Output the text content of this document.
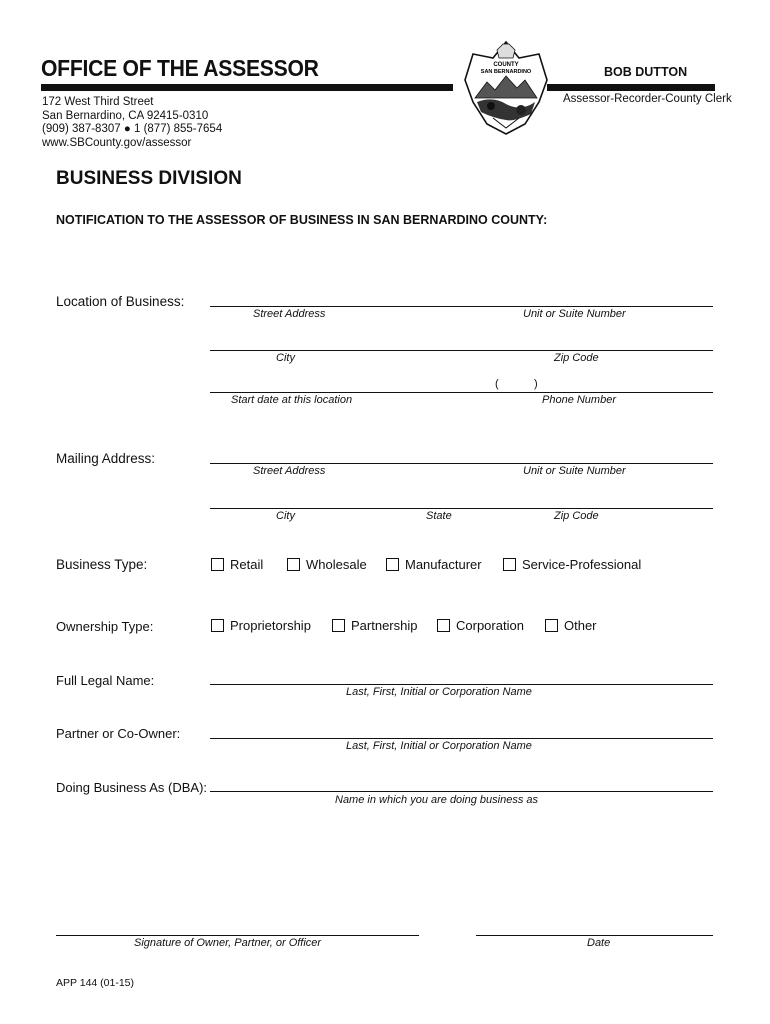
OFFICE OF THE ASSESSOR
172 West Third Street
San Bernardino, CA 92415-0310
(909) 387-8307 ● 1 (877) 855-7654
www.SBCounty.gov/assessor
BOB DUTTON
Assessor-Recorder-County Clerk
COUNTY
SAN BERNARDINO
BUSINESS DIVISION
NOTIFICATION TO THE ASSESSOR OF BUSINESS IN SAN BERNARDINO COUNTY:
Location of Business:
Street Address	Unit or Suite Number
City	Zip Code
(	)
Start date at this location	Phone Number
Mailing Address:
Street Address	Unit or Suite Number
City	State	Zip Code
Business Type:	Retail	Wholesale	Manufacturer	Service-Professional
Ownership Type:	Proprietorship	Partnership	Corporation	Other
Full Legal Name:
Last, First, Initial or Corporation Name
Partner or Co-Owner:
Last, First, Initial or Corporation Name
Doing Business As (DBA):
Name in which you are doing business as
Signature of Owner, Partner, or Officer	Date
APP 144 (01-15)
